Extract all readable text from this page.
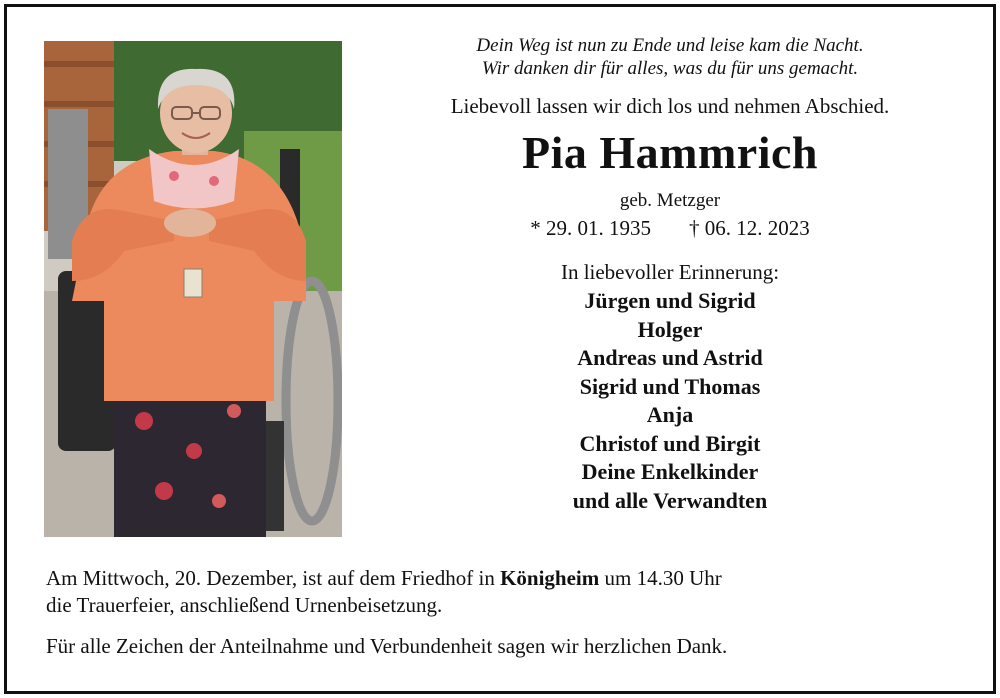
Dein Weg ist nun zu Ende und leise kam die Nacht.

Wir danken dir für alles, was du für uns gemacht.

Liebevoll lassen wir dich los und nehmen Abschied.

Pia Hammrich

geb. Metzger

* 29. 01. 1935 † 06. 12. 2023

In liebevoller Erinnerung:

Jürgen und Sigrid
Holger
Andreas und Astrid
Sigrid und Thomas
Anja
Christof und Birgit
Deine Enkelkinder
und alle Verwandten

Am Mittwoch, 20. Dezember, ist auf dem Friedhof in Königheim um 14.30 Uhr

die Trauerfeier, anschließend Urnenbeisetzung.

Für alle Zeichen der Anteilnahme und Verbundenheit sagen wir herzlichen Dank.
